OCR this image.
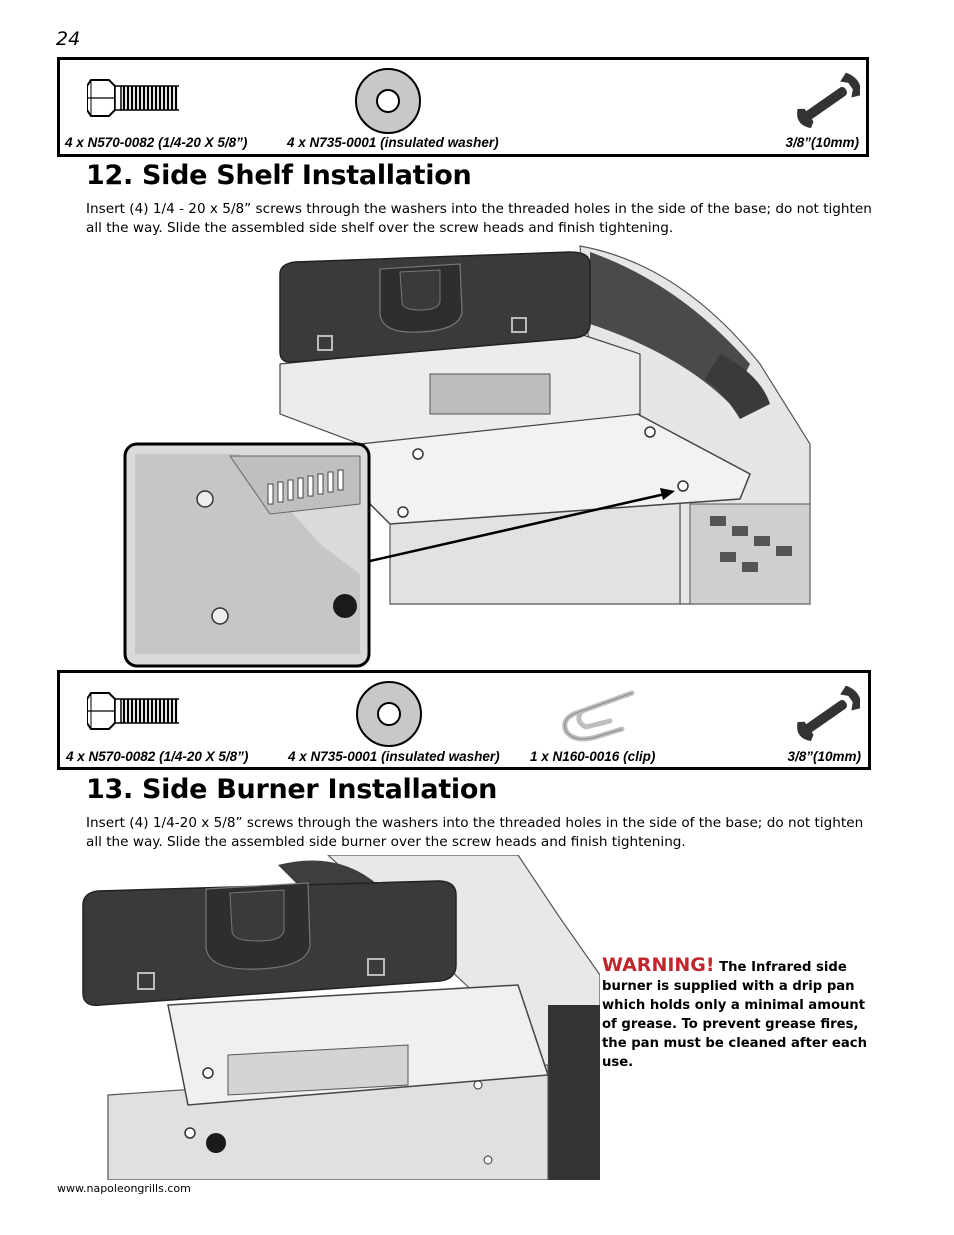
24
4 x N570-0082 (1/4-20 X 5/8”)	4 x N735-0001 (insulated washer)	3/8”(10mm)
12. Side Shelf Installation
Insert (4) 1/4 - 20 x 5/8” screws through the washers into the threaded holes in the side of the base; do not tighten all the way. Slide the assembled side shelf over the screw heads and finish tightening.
4 x N570-0082 (1/4-20 X 5/8”)	4 x N735-0001 (insulated washer) 1 x N160-0016 (clip)	3/8”(10mm)
13. Side Burner Installation
Insert (4) 1/4-20 x 5/8” screws through the washers into the threaded holes in the side of the base; do not tighten all the way. Slide the assembled side burner over the screw heads and finish tightening.
WARNING! The Infrared side burner is supplied with a drip pan which holds only a minimal amount of grease. To prevent grease fires, the pan must be cleaned after each use.
www.napoleongrills.com
